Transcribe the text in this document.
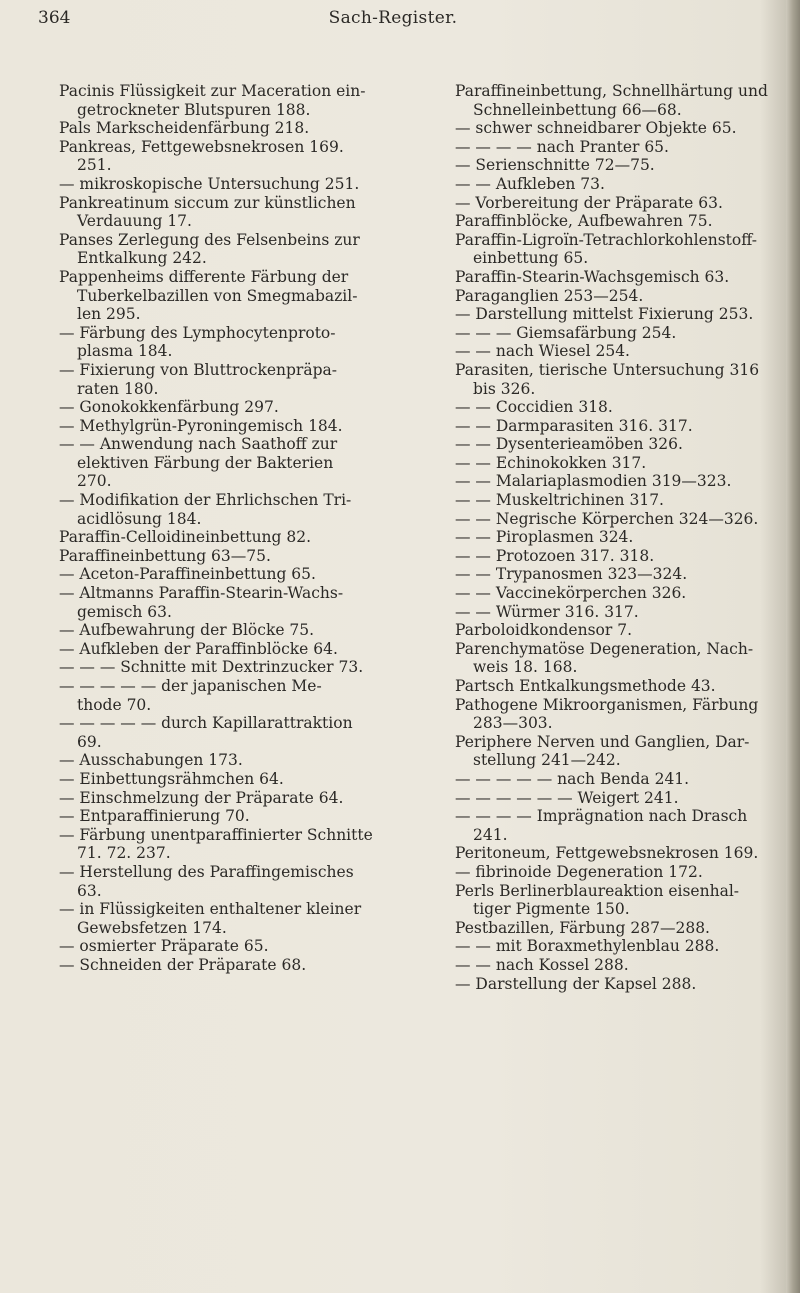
364	Sach-Register.

Pacinis Flüssigkeit zur Maceration ein-
getrockneter Blutspuren 188.

Pals Markscheidenfärbung 218.

Pankreas, Fettgewebsnekrosen 169.
251.

— mikroskopische Untersuchung 251.

Pankreatinum siccum zur künstlichen
Verdauung 17.

Panses Zerlegung des Felsenbeins zur
Entkalkung 242.

Pappenheims differente Färbung der
Tuberkelbazillen von Smegmabazil-
len 295.

— Färbung des Lymphocytenproto-
plasma 184.

— Fixierung von Bluttrockenpräpa-
raten 180.

— Gonokokkenfärbung 297.

— Methylgrün-Pyroningemisch 184.

— — Anwendung nach Saathoff zur
elektiven Färbung der Bakterien
270.

— Modifikation der Ehrlichschen Tri-
acidlösung 184.

Paraffin-Celloidineinbettung 82.

Paraffineinbettung 63—75.

— Aceton-Paraffineinbettung 65.

— Altmanns Paraffin-Stearin-Wachs-
gemisch 63.

— Aufbewahrung der Blöcke 75.

— Aufkleben der Paraffinblöcke 64.

— — — Schnitte mit Dextrinzucker 73.

— — — — — der japanischen Me-
thode 70.

— — — — — durch Kapillarattraktion
69.

— Ausschabungen 173.

— Einbettungsrähmchen 64.

— Einschmelzung der Präparate 64.

— Entparaffinierung 70.

— Färbung unentparaffinierter Schnitte
71. 72. 237.

— Herstellung des Paraffingemisches
63.

— in Flüssigkeiten enthaltener kleiner
Gewebsfetzen 174.

— osmierter Präparate 65.

— Schneiden der Präparate 68.

Paraffineinbettung, Schnellhärtung und
Schnelleinbettung 66—68.

— schwer schneidbarer Objekte 65.

— — — — nach Pranter 65.

— Serienschnitte 72—75.

— — Aufkleben 73.

— Vorbereitung der Präparate 63.

Paraffinblöcke, Aufbewahren 75.

Paraffin-Ligroïn-Tetrachlorkohlenstoff-
einbettung 65.

Paraffin-Stearin-Wachsgemisch 63.

Paraganglien 253—254.

— Darstellung mittelst Fixierung 253.

— — — Giemsafärbung 254.

— — nach Wiesel 254.

Parasiten, tierische Untersuchung 316
bis 326.

— — Coccidien 318.

— — Darmparasiten 316. 317.

— — Dysenterieamöben 326.

— — Echinokokken 317.

— — Malariaplasmodien 319—323.

— — Muskeltrichinen 317.

— — Negrische Körperchen 324—326.

— — Piroplasmen 324.

— — Protozoen 317. 318.

— — Trypanosmen 323—324.

— — Vaccinekörperchen 326.

— — Würmer 316. 317.

Parboloidkondensor 7.

Parenchymatöse Degeneration, Nach-
weis 18. 168.

Partsch Entkalkungsmethode 43.

Pathogene Mikroorganismen, Färbung
283—303.

Periphere Nerven und Ganglien, Dar-
stellung 241—242.

— — — — — nach Benda 241.

— — — — — — Weigert 241.

— — — — Imprägnation nach Drasch
241.

Peritoneum, Fettgewebsnekrosen 169.

— fibrinoide Degeneration 172.

Perls Berlinerblaureaktion eisenhal-
tiger Pigmente 150.

Pestbazillen, Färbung 287—288.

— — mit Boraxmethylenblau 288.

— — nach Kossel 288.

— Darstellung der Kapsel 288.
